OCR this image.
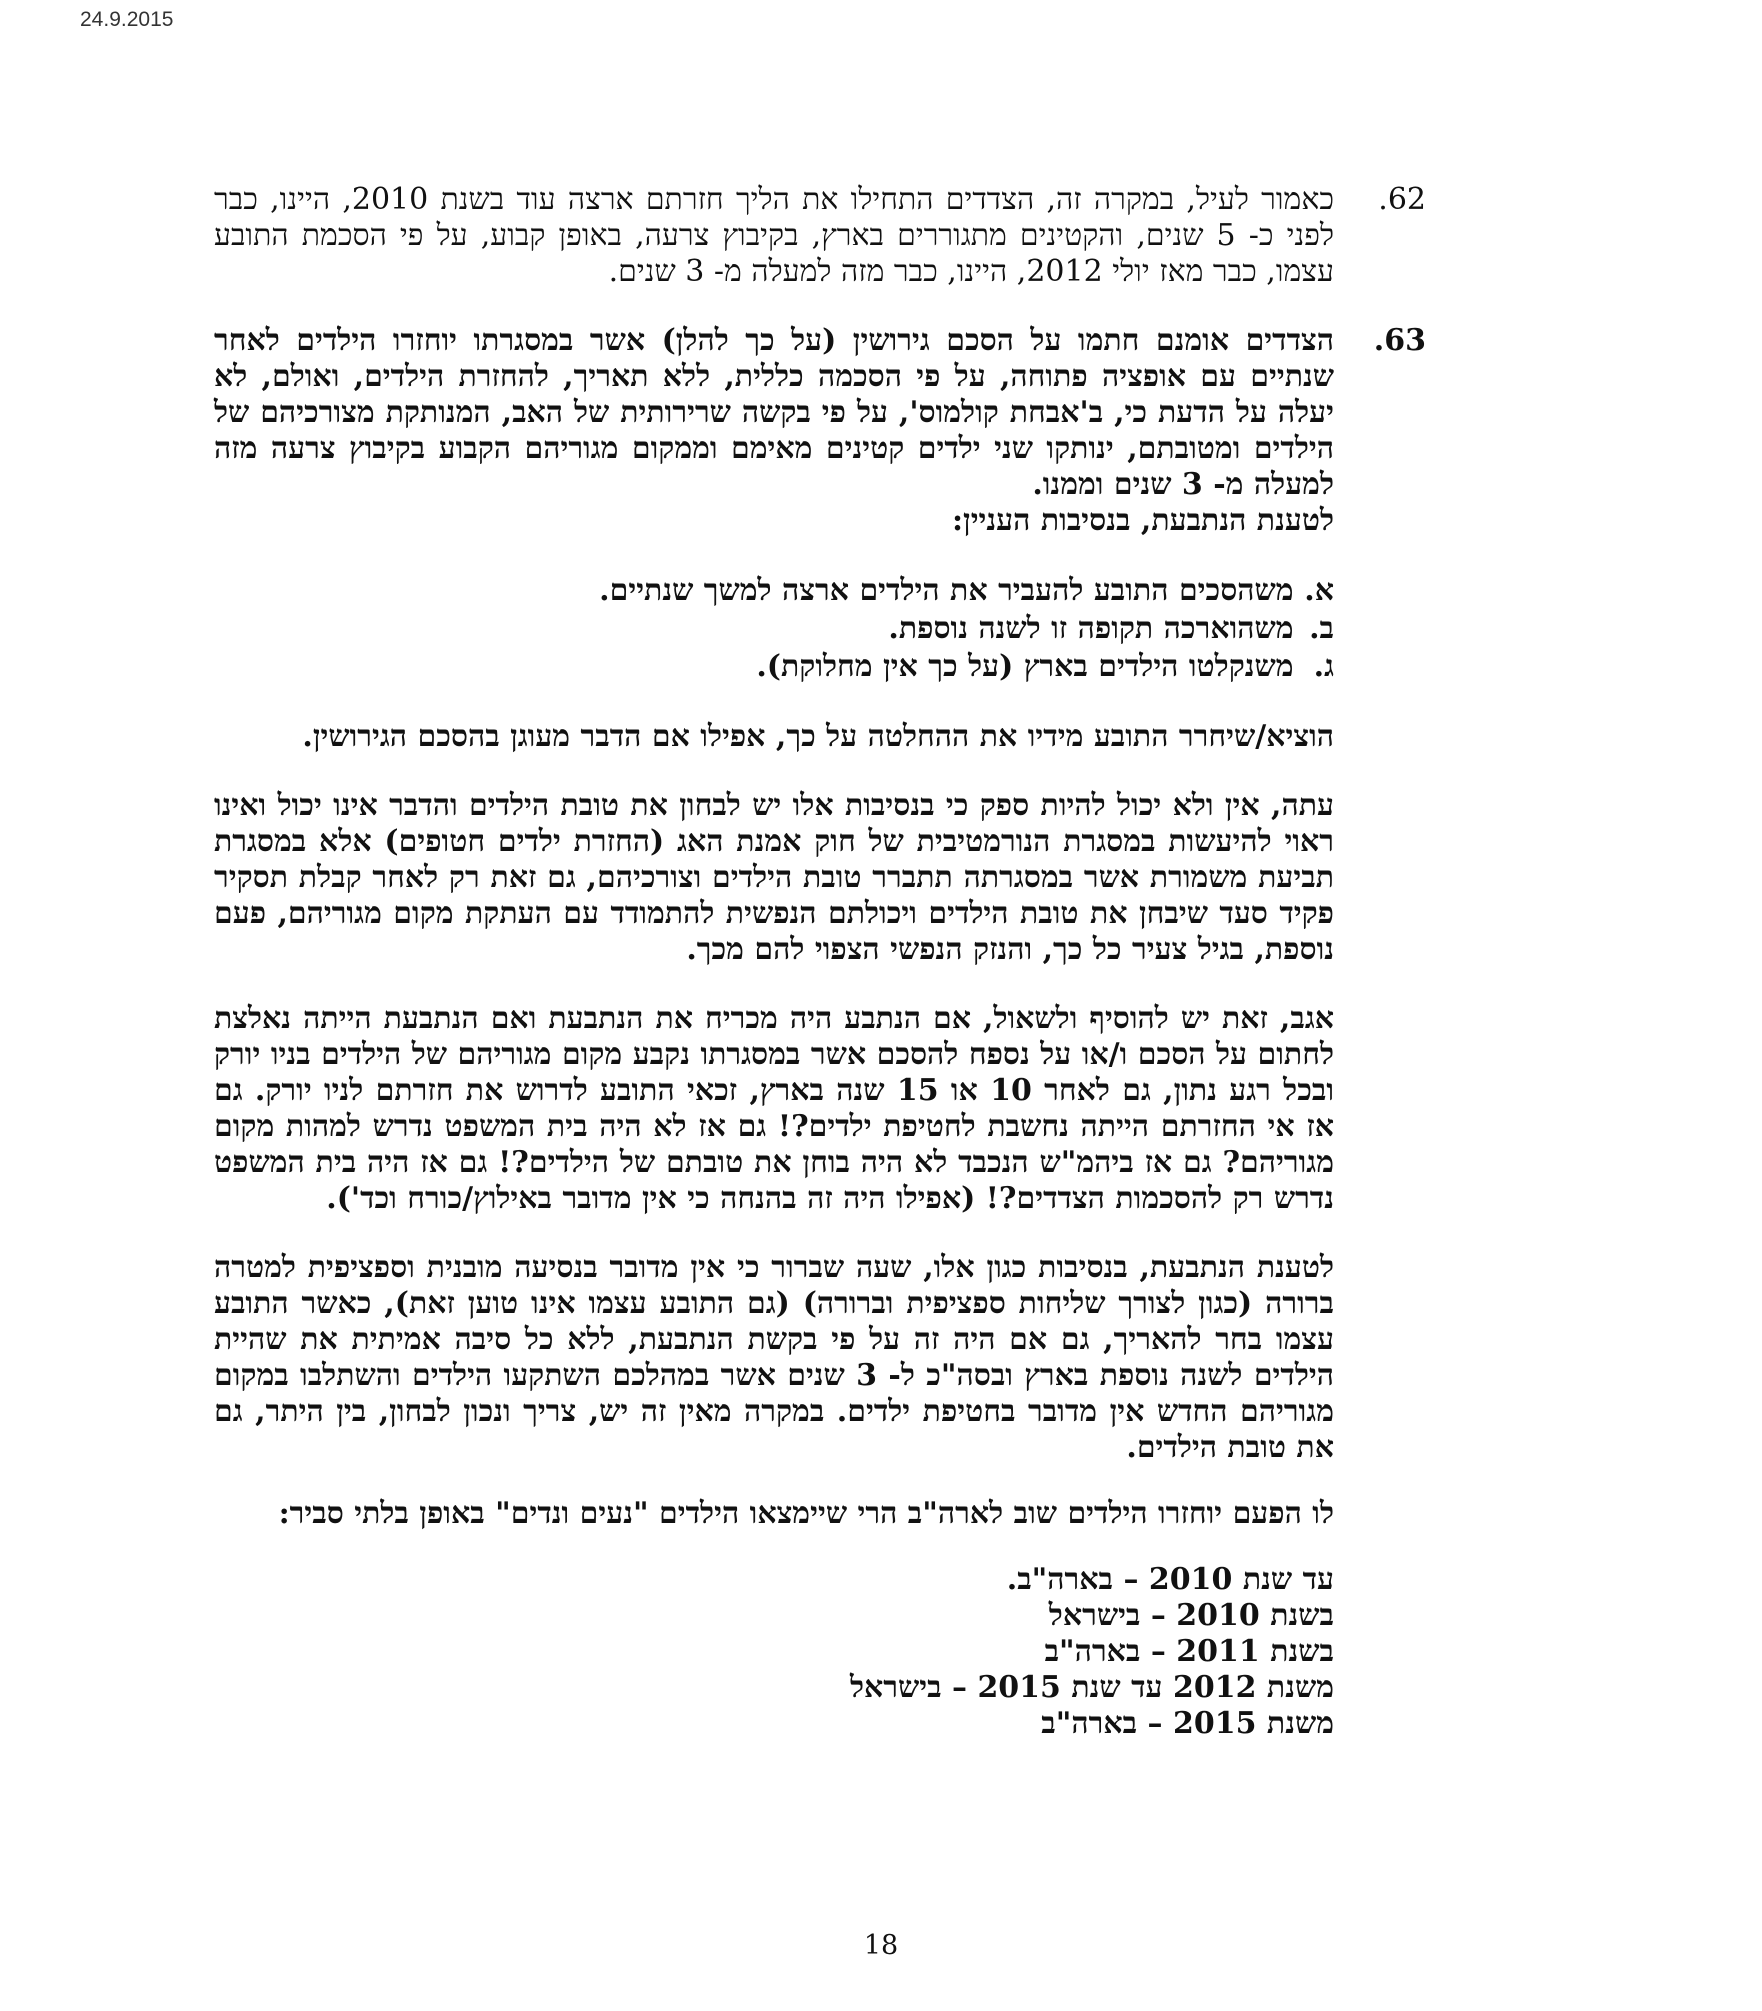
24.9.2015
.62

כאמור לעיל, במקרה זה, הצדדים התחילו את הליך חזרתם ארצה עוד בשנת 2010, היינו, כבר לפני כ- 5 שנים, והקטינים מתגוררים בארץ, בקיבוץ צרעה, באופן קבוע, על פי הסכמת התובע עצמו, כבר מאז יולי 2012, היינו, כבר מזה למעלה מ- 3 שנים.

.63

הצדדים אומנם חתמו על הסכם גירושין (על כך להלן) אשר במסגרתו יוחזרו הילדים לאחר שנתיים עם אופציה פתוחה, על פי הסכמה כללית, ללא תאריך, להחזרת הילדים, ואולם, לא יעלה על הדעת כי, ב'אבחת קולמוס', על פי בקשה שרירותית של האב, המנותקת מצורכיהם של הילדים ומטובתם, ינותקו שני ילדים קטינים מאימם וממקום מגוריהם הקבוע בקיבוץ צרעה מזה למעלה מ- 3 שנים וממנו.

לטענת הנתבעת, בנסיבות העניין:

א. משהסכים התובע להעביר את הילדים ארצה למשך שנתיים.

ב. משהוארכה תקופה זו לשנה נוספת.

ג. משנקלטו הילדים בארץ (על כך אין מחלוקת).

הוציא/שיחרר התובע מידיו את ההחלטה על כך, אפילו אם הדבר מעוגן בהסכם הגירושין.

עתה, אין ולא יכול להיות ספק כי בנסיבות אלו יש לבחון את טובת הילדים והדבר אינו יכול ואינו ראוי להיעשות במסגרת הנורמטיבית של חוק אמנת האג (החזרת ילדים חטופים) אלא במסגרת תביעת משמורת אשר במסגרתה תתברר טובת הילדים וצורכיהם, גם זאת רק לאחר קבלת תסקיר פקיד סעד שיבחן את טובת הילדים ויכולתם הנפשית להתמודד עם העתקת מקום מגוריהם, פעם נוספת, בגיל צעיר כל כך, והנזק הנפשי הצפוי להם מכך.

אגב, זאת יש להוסיף ולשאול, אם הנתבע היה מכריח את הנתבעת ואם הנתבעת הייתה נאלצת לחתום על הסכם ו/או על נספח להסכם אשר במסגרתו נקבע מקום מגוריהם של הילדים בניו יורק ובכל רגע נתון, גם לאחר 10 או 15 שנה בארץ, זכאי התובע לדרוש את חזרתם לניו יורק. גם אז אי החזרתם הייתה נחשבת לחטיפת ילדים?! גם אז לא היה בית המשפט נדרש למהות מקום מגוריהם? גם אז ביהמ"ש הנכבד לא היה בוחן את טובתם של הילדים?! גם אז היה בית המשפט נדרש רק להסכמות הצדדים?! (אפילו היה זה בהנחה כי אין מדובר באילוץ/כורח וכד').

לטענת הנתבעת, בנסיבות כגון אלו, שעה שברור כי אין מדובר בנסיעה מובנית וספציפית למטרה ברורה (כגון לצורך שליחות ספציפית וברורה) (גם התובע עצמו אינו טוען זאת), כאשר התובע עצמו בחר להאריך, גם אם היה זה על פי בקשת הנתבעת, ללא כל סיבה אמיתית את שהיית הילדים לשנה נוספת בארץ ובסה"כ ל- 3 שנים אשר במהלכם השתקעו הילדים והשתלבו במקום מגוריהם החדש אין מדובר בחטיפת ילדים. במקרה מאין זה יש, צריך ונכון לבחון, בין היתר, גם את טובת הילדים.

לו הפעם יוחזרו הילדים שוב לארה"ב הרי שיימצאו הילדים "נעים ונדים" באופן בלתי סביר:

עד שנת 2010 – בארה"ב.

בשנת 2010 – בישראל

בשנת 2011 – בארה"ב

משנת 2012 עד שנת 2015 – בישראל

משנת 2015 – בארה"ב

18
